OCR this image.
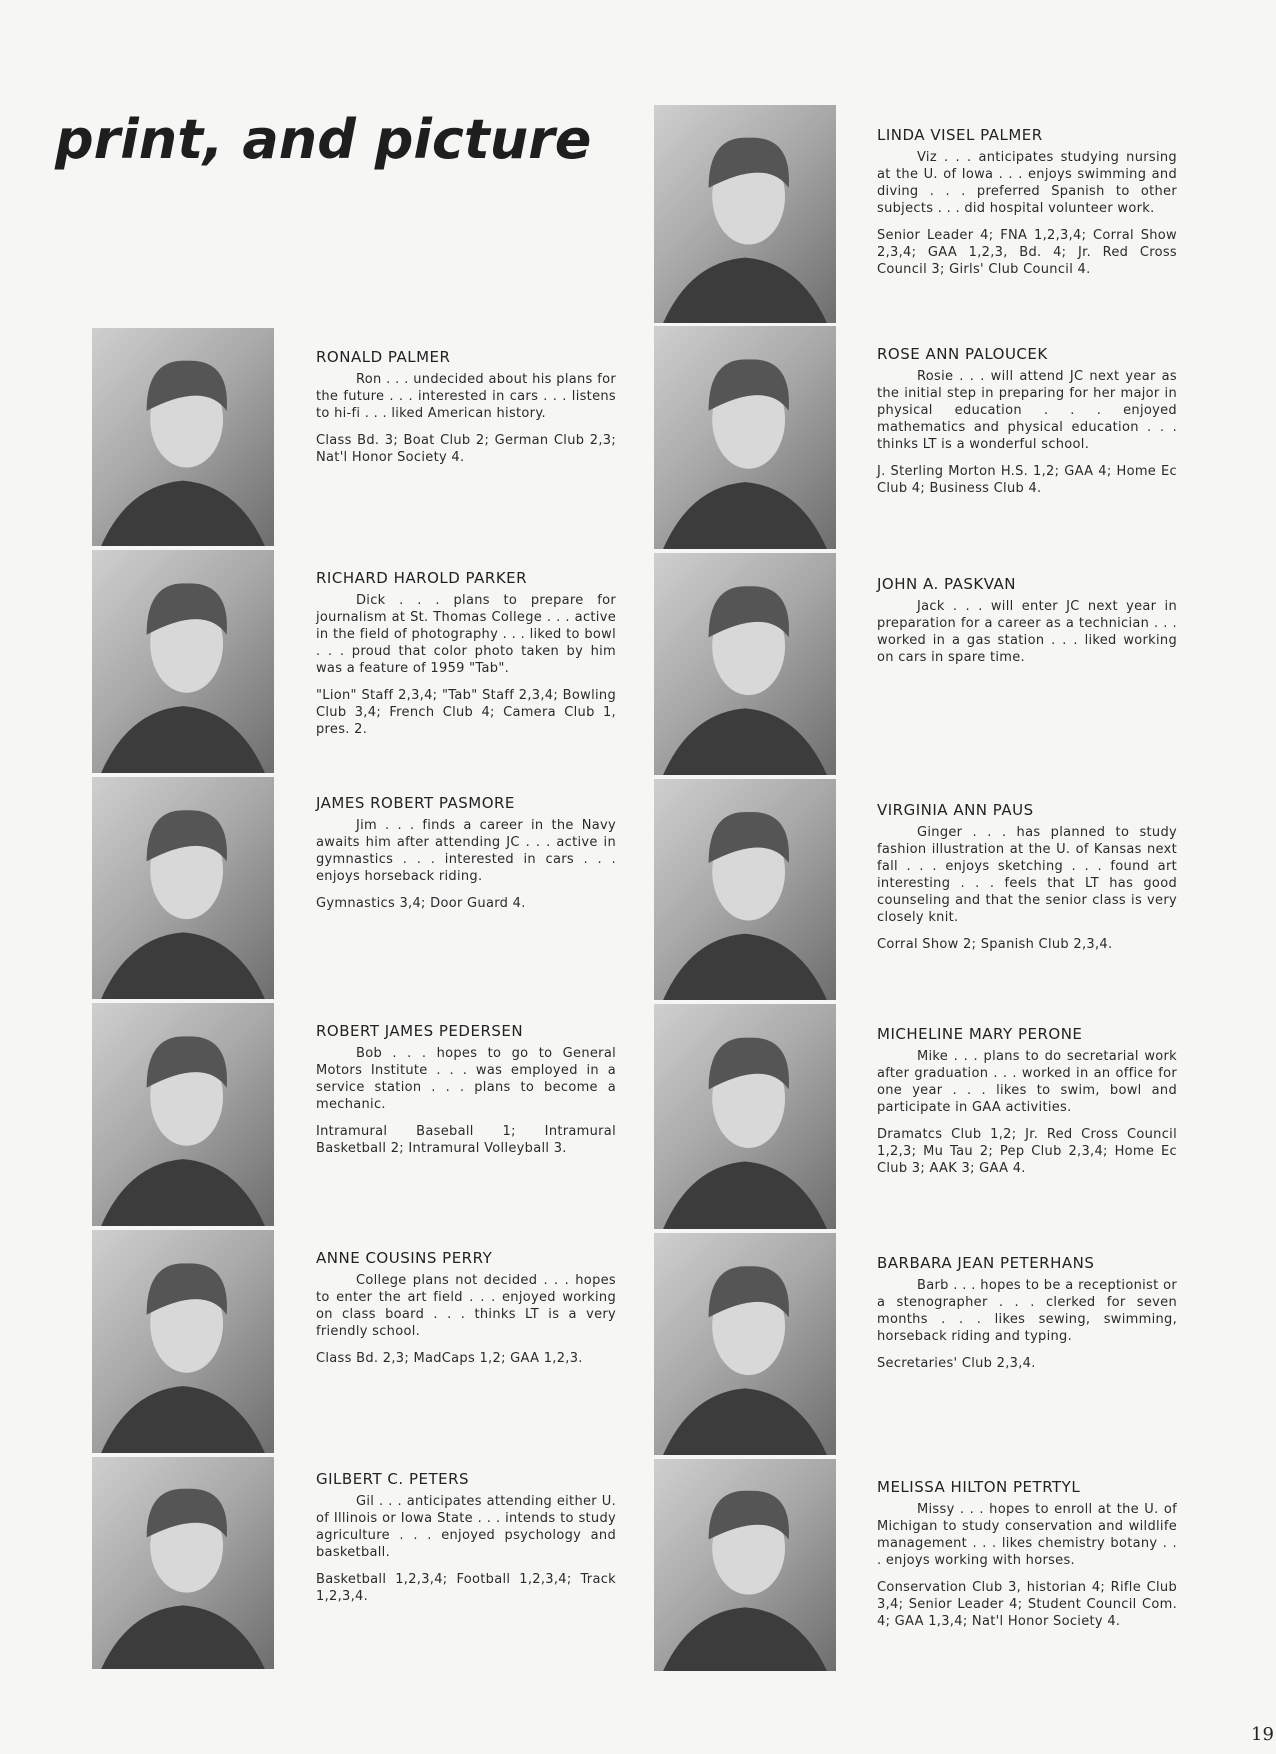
print, and picture

RONALD PALMER

Ron . . . undecided about his plans for the future . . . interested in cars . . . listens to hi-fi . . . liked American history.

Class Bd. 3; Boat Club 2; German Club 2,3; Nat'l Honor Society 4.

RICHARD HAROLD PARKER

Dick . . . plans to prepare for journalism at St. Thomas College . . . active in the field of photography . . . liked to bowl . . . proud that color photo taken by him was a feature of 1959 "Tab".

"Lion" Staff 2,3,4; "Tab" Staff 2,3,4; Bowling Club 3,4; French Club 4; Camera Club 1, pres. 2.

JAMES ROBERT PASMORE

Jim . . . finds a career in the Navy awaits him after attending JC . . . active in gymnastics . . . interested in cars . . . enjoys horseback riding.

Gymnastics 3,4; Door Guard 4.

ROBERT JAMES PEDERSEN

Bob . . . hopes to go to General Motors Institute . . . was employed in a service station . . . plans to become a mechanic.

Intramural Baseball 1; Intramural Basketball 2; Intramural Volleyball 3.

ANNE COUSINS PERRY

College plans not decided . . . hopes to enter the art field . . . enjoyed working on class board . . . thinks LT is a very friendly school.

Class Bd. 2,3; MadCaps 1,2; GAA 1,2,3.

GILBERT C. PETERS

Gil . . . anticipates attending either U. of Illinois or Iowa State . . . intends to study agriculture . . . enjoyed psychology and basketball.

Basketball 1,2,3,4; Football 1,2,3,4; Track 1,2,3,4.

LINDA VISEL PALMER

Viz . . . anticipates studying nursing at the U. of Iowa . . . enjoys swimming and diving . . . preferred Spanish to other subjects . . . did hospital volunteer work.

Senior Leader 4; FNA 1,2,3,4; Corral Show 2,3,4; GAA 1,2,3, Bd. 4; Jr. Red Cross Council 3; Girls' Club Council 4.

ROSE ANN PALOUCEK

Rosie . . . will attend JC next year as the initial step in preparing for her major in physical education . . . enjoyed mathematics and physical education . . . thinks LT is a wonderful school.

J. Sterling Morton H.S. 1,2; GAA 4; Home Ec Club 4; Business Club 4.

JOHN A. PASKVAN

Jack . . . will enter JC next year in preparation for a career as a technician . . . worked in a gas station . . . liked working on cars in spare time.

VIRGINIA ANN PAUS

Ginger . . . has planned to study fashion illustration at the U. of Kansas next fall . . . enjoys sketching . . . found art interesting . . . feels that LT has good counseling and that the senior class is very closely knit.

Corral Show 2; Spanish Club 2,3,4.

MICHELINE MARY PERONE

Mike . . . plans to do secretarial work after graduation . . . worked in an office for one year . . . likes to swim, bowl and participate in GAA activities.

Dramatcs Club 1,2; Jr. Red Cross Council 1,2,3; Mu Tau 2; Pep Club 2,3,4; Home Ec Club 3; AAK 3; GAA 4.

BARBARA JEAN PETERHANS

Barb . . . hopes to be a receptionist or a stenographer . . . clerked for seven months . . . likes sewing, swimming, horseback riding and typing.

Secretaries' Club 2,3,4.

MELISSA HILTON PETRTYL

Missy . . . hopes to enroll at the U. of Michigan to study conservation and wildlife management . . . likes chemistry botany . . . enjoys working with horses.

Conservation Club 3, historian 4; Rifle Club 3,4; Senior Leader 4; Student Council Com. 4; GAA 1,3,4; Nat'l Honor Society 4.

19
